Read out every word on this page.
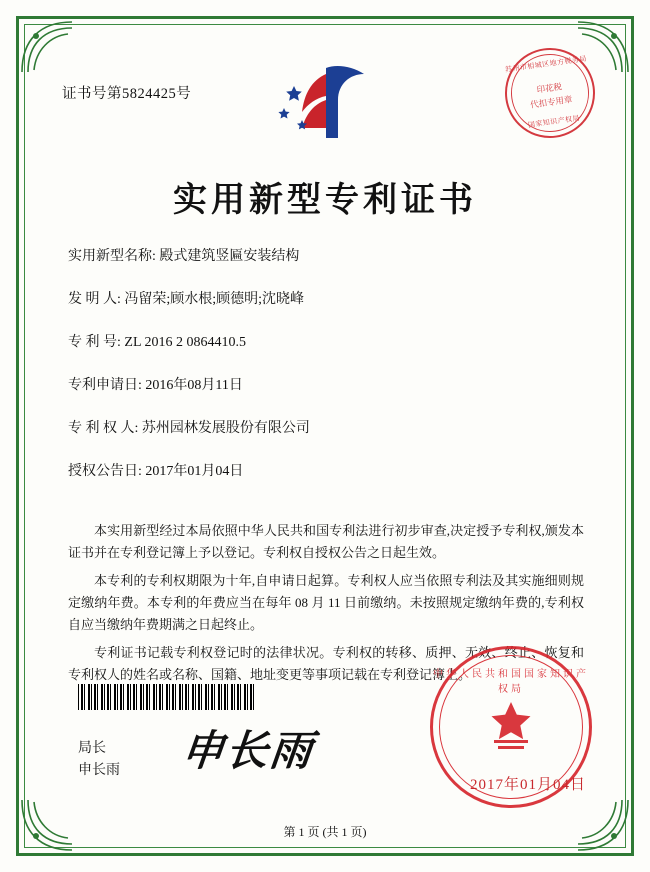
证书号第5824425号
苏州市相城区地方税务局
印花税
代扣专用章
国家知识产权局
实用新型专利证书
实用新型名称: 殿式建筑竖匾安装结构
发 明 人: 冯留荣;顾水根;顾德明;沈晓峰
专 利 号: ZL 2016 2 0864410.5
专利申请日: 2016年08月11日
专 利 权 人: 苏州园林发展股份有限公司
授权公告日: 2017年01月04日

本实用新型经过本局依照中华人民共和国专利法进行初步审查,决定授予专利权,颁发本证书并在专利登记簿上予以登记。专利权自授权公告之日起生效。

本专利的专利权期限为十年,自申请日起算。专利权人应当依照专利法及其实施细则规定缴纳年费。本专利的年费应当在每年 08 月 11 日前缴纳。未按照规定缴纳年费的,专利权自应当缴纳年费期满之日起终止。

专利证书记载专利权登记时的法律状况。专利权的转移、质押、无效、终止、恢复和专利权人的姓名或名称、国籍、地址变更等事项记载在专利登记簿上。

局长
申长雨 申长雨
中华人民共和国国家知识产权局
2017年01月04日
第 1 页 (共 1 页)
